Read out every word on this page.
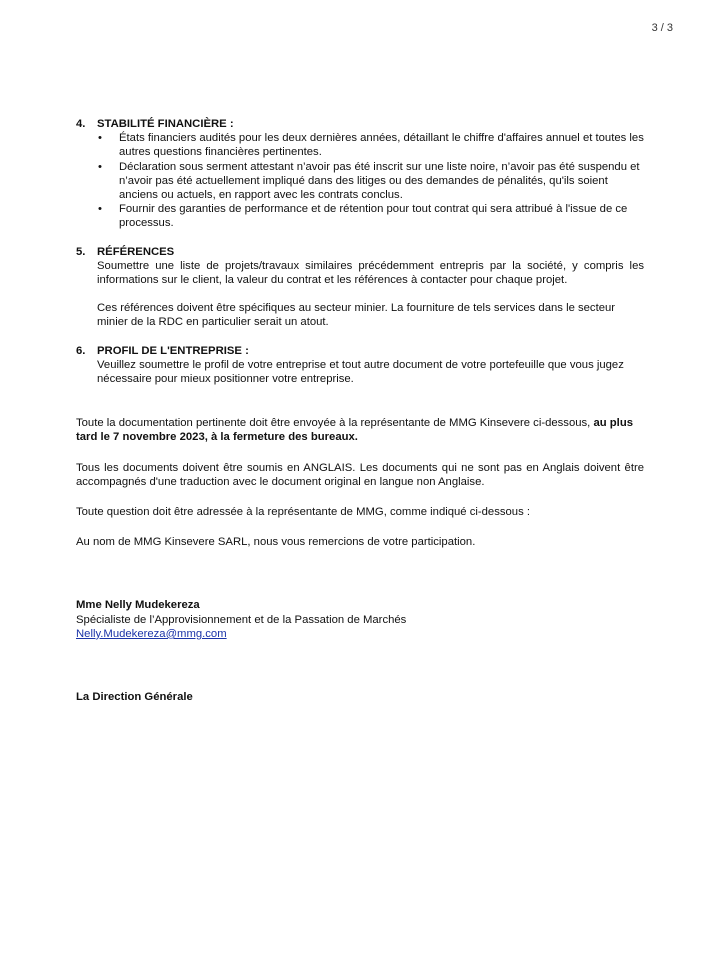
3 / 3
4. STABILITÉ FINANCIÈRE :
• États financiers audités pour les deux dernières années, détaillant le chiffre d'affaires annuel et toutes les autres questions financières pertinentes.
• Déclaration sous serment attestant n’avoir pas été inscrit sur une liste noire, n’avoir pas été suspendu et n’avoir pas été actuellement impliqué dans des litiges ou des demandes de pénalités, qu'ils soient anciens ou actuels, en rapport avec les contrats conclus.
• Fournir des garanties de performance et de rétention pour tout contrat qui sera attribué à l'issue de ce processus.
5. RÉFÉRENCES

Soumettre une liste de projets/travaux similaires précédemment entrepris par la société, y compris les informations sur le client, la valeur du contrat et les références à contacter pour chaque projet.

Ces références doivent être spécifiques au secteur minier. La fourniture de tels services dans le secteur minier de la RDC en particulier serait un atout.

6. PROFIL DE L'ENTREPRISE :

Veuillez soumettre le profil de votre entreprise et tout autre document de votre portefeuille que vous jugez nécessaire pour mieux positionner votre entreprise.

Toute la documentation pertinente doit être envoyée à la représentante de MMG Kinsevere ci-dessous, au plus tard le 7 novembre 2023, à la fermeture des bureaux.

Tous les documents doivent être soumis en ANGLAIS. Les documents qui ne sont pas en Anglais doivent être accompagnés d'une traduction avec le document original en langue non Anglaise.

Toute question doit être adressée à la représentante de MMG, comme indiqué ci-dessous :

Au nom de MMG Kinsevere SARL, nous vous remercions de votre participation.

Mme Nelly Mudekereza
Spécialiste de l’Approvisionnement et de la Passation de Marchés
Nelly.Mudekereza@mmg.com
La Direction Générale
